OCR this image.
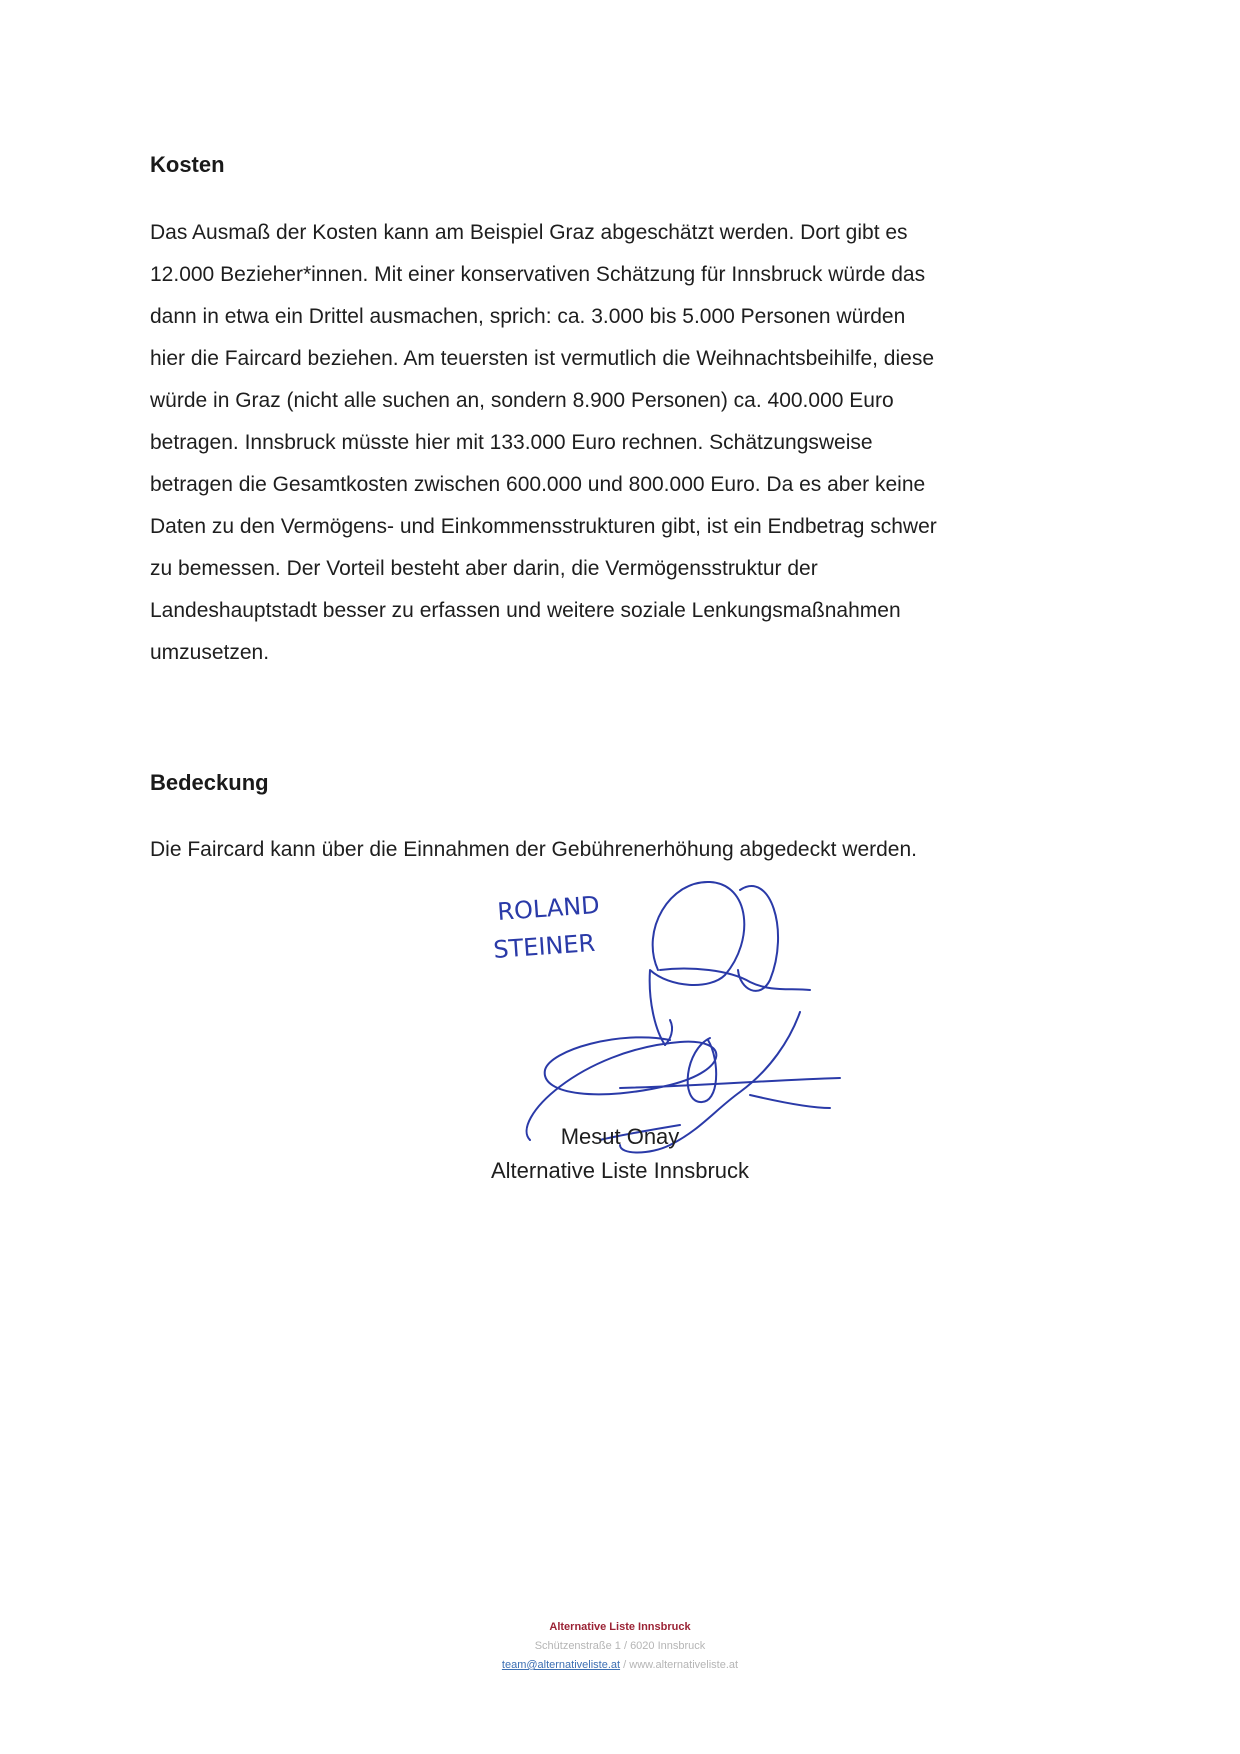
Kosten

Das Ausmaß der Kosten kann am Beispiel Graz abgeschätzt werden. Dort gibt es
12.000 Bezieher*innen. Mit einer konservativen Schätzung für Innsbruck würde das
dann in etwa ein Drittel ausmachen, sprich: ca. 3.000 bis 5.000 Personen würden
hier die Faircard beziehen. Am teuersten ist vermutlich die Weihnachtsbeihilfe, diese
würde in Graz (nicht alle suchen an, sondern 8.900 Personen) ca. 400.000 Euro
betragen. Innsbruck müsste hier mit 133.000 Euro rechnen. Schätzungsweise
betragen die Gesamtkosten zwischen 600.000 und 800.000 Euro. Da es aber keine
Daten zu den Vermögens- und Einkommensstrukturen gibt, ist ein Endbetrag schwer
zu bemessen. Der Vorteil besteht aber darin, die Vermögensstruktur der
Landeshauptstadt besser zu erfassen und weitere soziale Lenkungsmaßnahmen
umzusetzen.

Bedeckung

Die Faircard kann über die Einnahmen der Gebührenerhöhung abgedeckt werden.

ROLAND
STEINER

Mesut Onay

Alternative Liste Innsbruck

Alternative Liste Innsbruck
Schützenstraße 1 / 6020 Innsbruck
team@alternativeliste.at / www.alternativeliste.at
